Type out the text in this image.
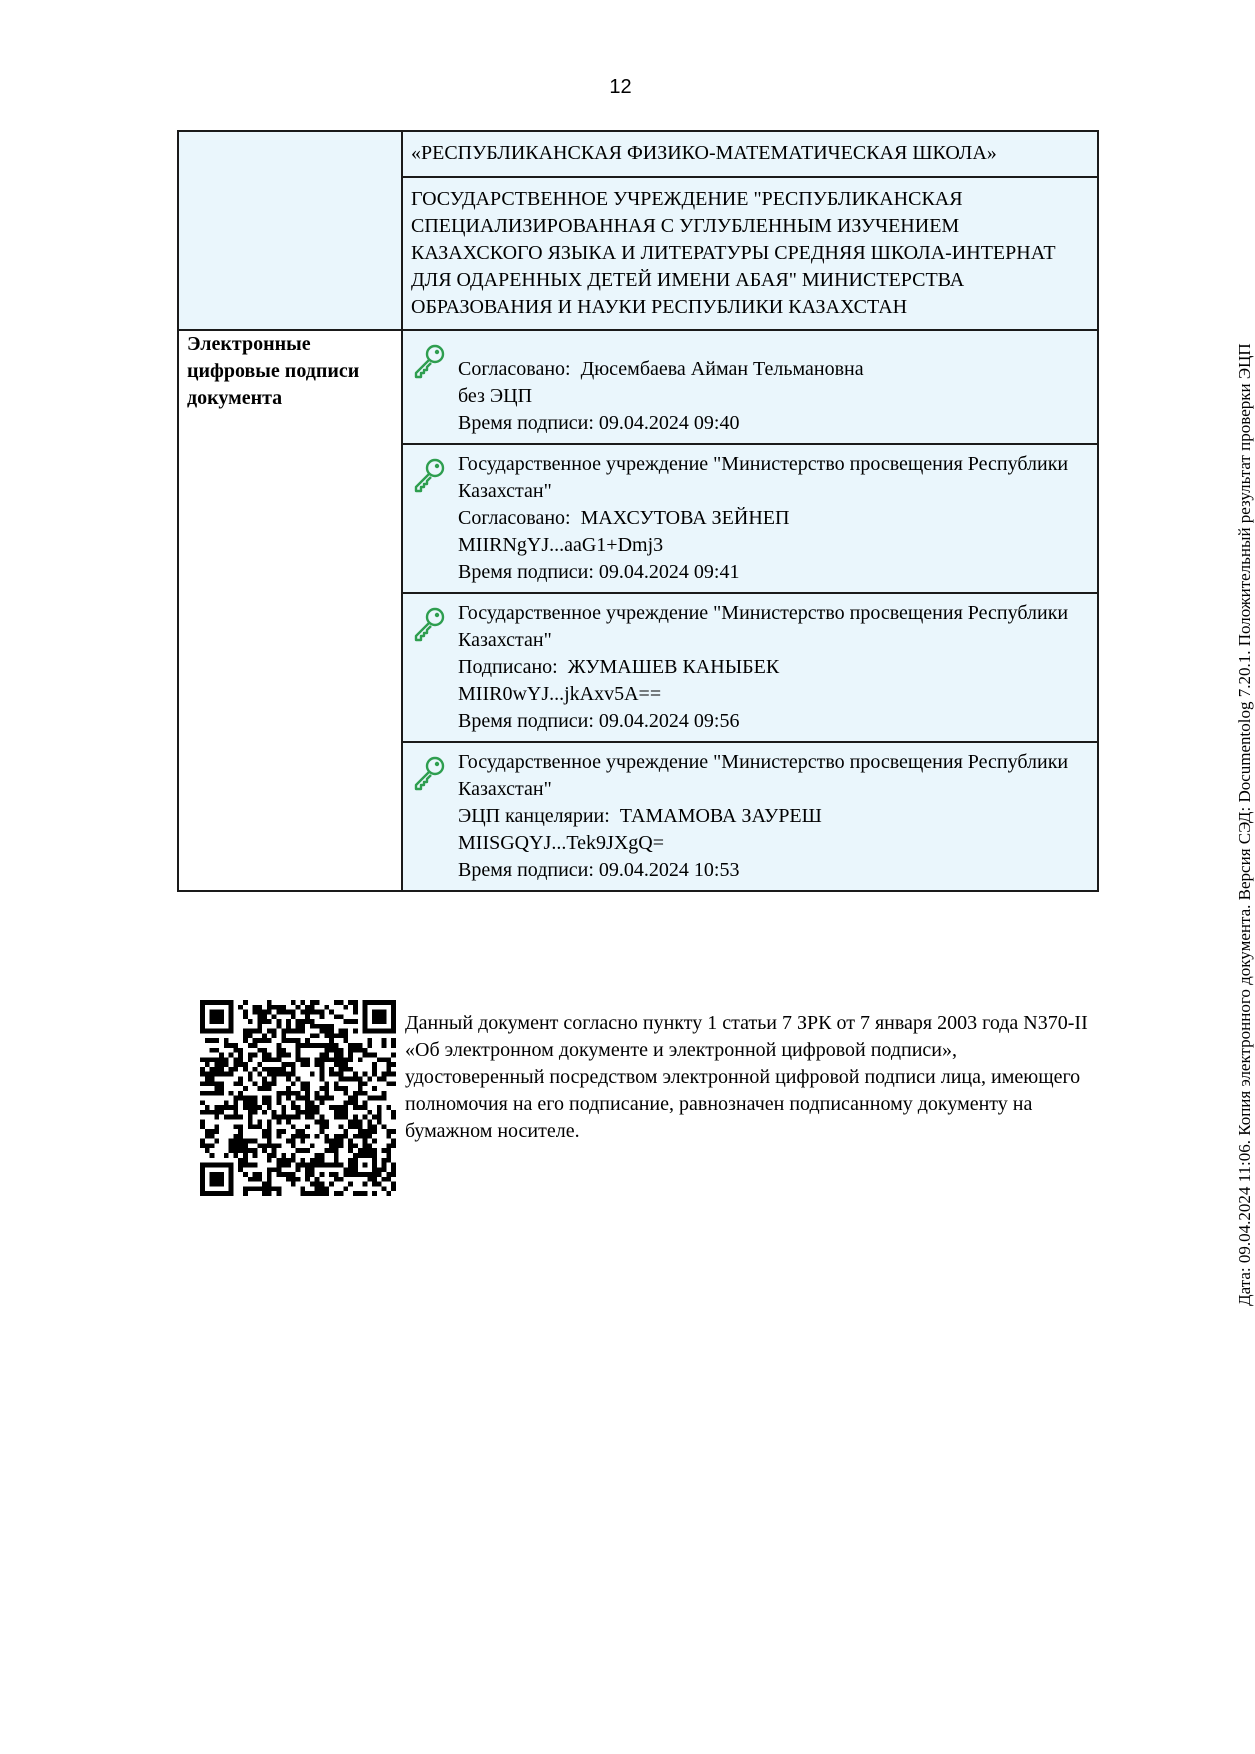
12
	«РЕСПУБЛИКАНСКАЯ ФИЗИКО-МАТЕМАТИЧЕСКАЯ ШКОЛА»
	ГОСУДАРСТВЕННОЕ УЧРЕЖДЕНИЕ "РЕСПУБЛИКАНСКАЯ СПЕЦИАЛИЗИРОВАННАЯ С УГЛУБЛЕННЫМ ИЗУЧЕНИЕМ КАЗАХСКОГО ЯЗЫКА И ЛИТЕРАТУРЫ СРЕДНЯЯ ШКОЛА-ИНТЕРНАТ ДЛЯ ОДАРЕННЫХ ДЕТЕЙ ИМЕНИ АБАЯ" МИНИСТЕРСТВА ОБРАЗОВАНИЯ И НАУКИ РЕСПУБЛИКИ КАЗАХСТАН
Электронные цифровые подписи документа	Согласовано:  Дюсембаева Айман Тельмановна
без ЭЦП
Время подписи: 09.04.2024 09:40

	Государственное учреждение "Министерство просвещения Республики Казахстан"
Согласовано:  МАХСУТОВА ЗЕЙНЕП
MIIRNgYJ...aaG1+Dmj3
Время подписи: 09.04.2024 09:41

	Государственное учреждение "Министерство просвещения Республики Казахстан"
Подписано:  ЖУМАШЕВ КАНЫБЕК
MIIR0wYJ...jkAxv5A==
Время подписи: 09.04.2024 09:56

	Государственное учреждение "Министерство просвещения Республики Казахстан"
ЭЦП канцелярии:  ТАМАМОВА ЗАУРЕШ
MIISGQYJ...Tek9JXgQ=
Время подписи: 09.04.2024 10:53
Данный документ согласно пункту 1 статьи 7 ЗРК от 7 января 2003 года N370-II «Об электронном документе и электронной цифровой подписи», удостоверенный посредством электронной цифровой подписи лица, имеющего полномочия на его подписание, равнозначен подписанному документу на бумажном носителе.	Дата: 09.04.2024 11:06. Копия электронного документа. Версия СЭД: Documentolog 7.20.1. Положительный результат проверки ЭЦП
